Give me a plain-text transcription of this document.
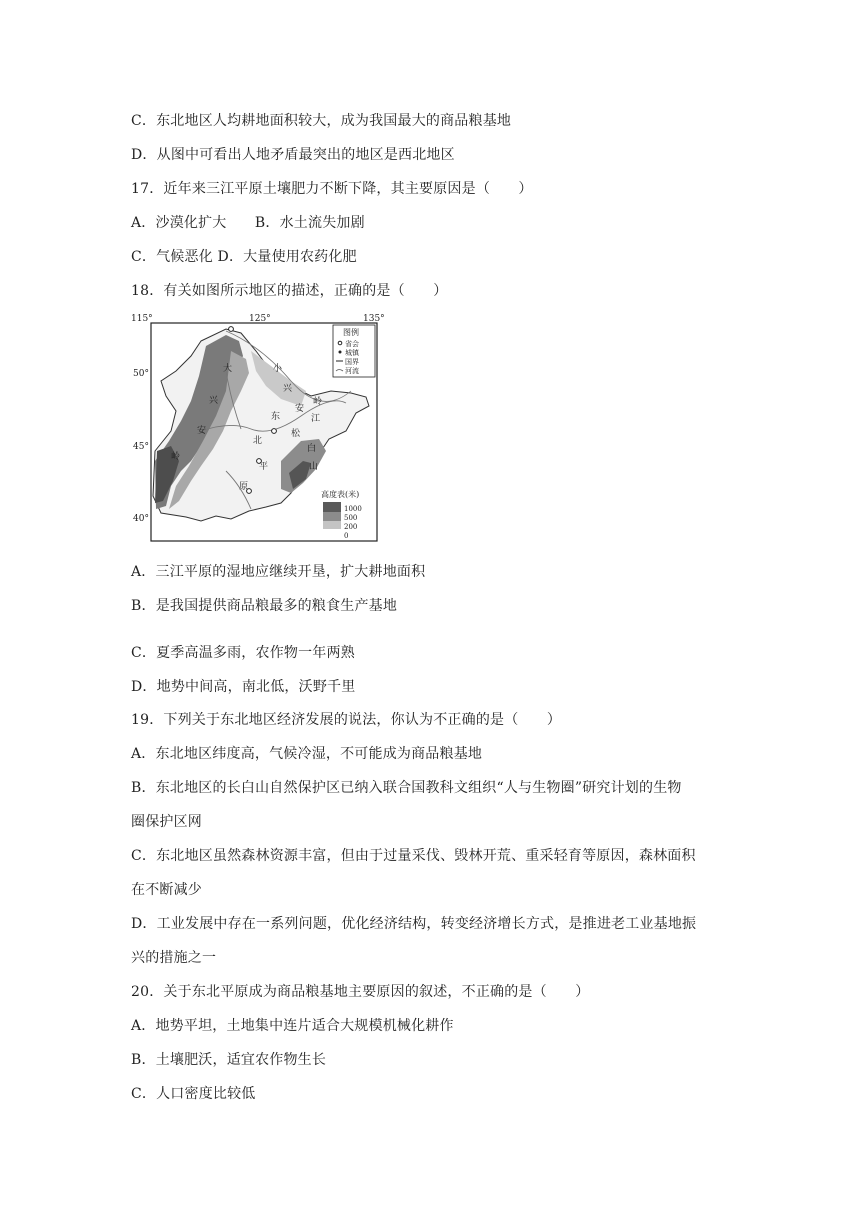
C．东北地区人均耕地面积较大，成为我国最大的商品粮基地
D．从图中可看出人地矛盾最突出的地区是西北地区
17．近年来三江平原土壤肥力不断下降，其主要原因是（　　）
A．沙漠化扩大　　B．水土流失加剧
C．气候恶化 D．大量使用农药化肥
18．有关如图所示地区的描述，正确的是（　　）
115°	125°	135°
50°
45°
40°
大
兴
安
岭
小
兴
安
岭
江
东
松
北
平
原
白
山
图例
省会
城镇
国界
河流
高度表(米)
1000
500
200
0
A．三江平原的湿地应继续开垦，扩大耕地面积
B．是我国提供商品粮最多的粮食生产基地
C．夏季高温多雨，农作物一年两熟
D．地势中间高，南北低，沃野千里
19．下列关于东北地区经济发展的说法，你认为不正确的是（　　）
A．东北地区纬度高，气候冷湿，不可能成为商品粮基地
B．东北地区的长白山自然保护区已纳入联合国教科文组织“人与生物圈”研究计划的生物
圈保护区网
C．东北地区虽然森林资源丰富，但由于过量采伐、毁林开荒、重采轻育等原因，森林面积
在不断减少
D．工业发展中存在一系列问题，优化经济结构，转变经济增长方式，是推进老工业基地振
兴的措施之一
20．关于东北平原成为商品粮基地主要原因的叙述，不正确的是（　　）
A．地势平坦，土地集中连片适合大规模机械化耕作
B．土壤肥沃，适宜农作物生长
C．人口密度比较低
